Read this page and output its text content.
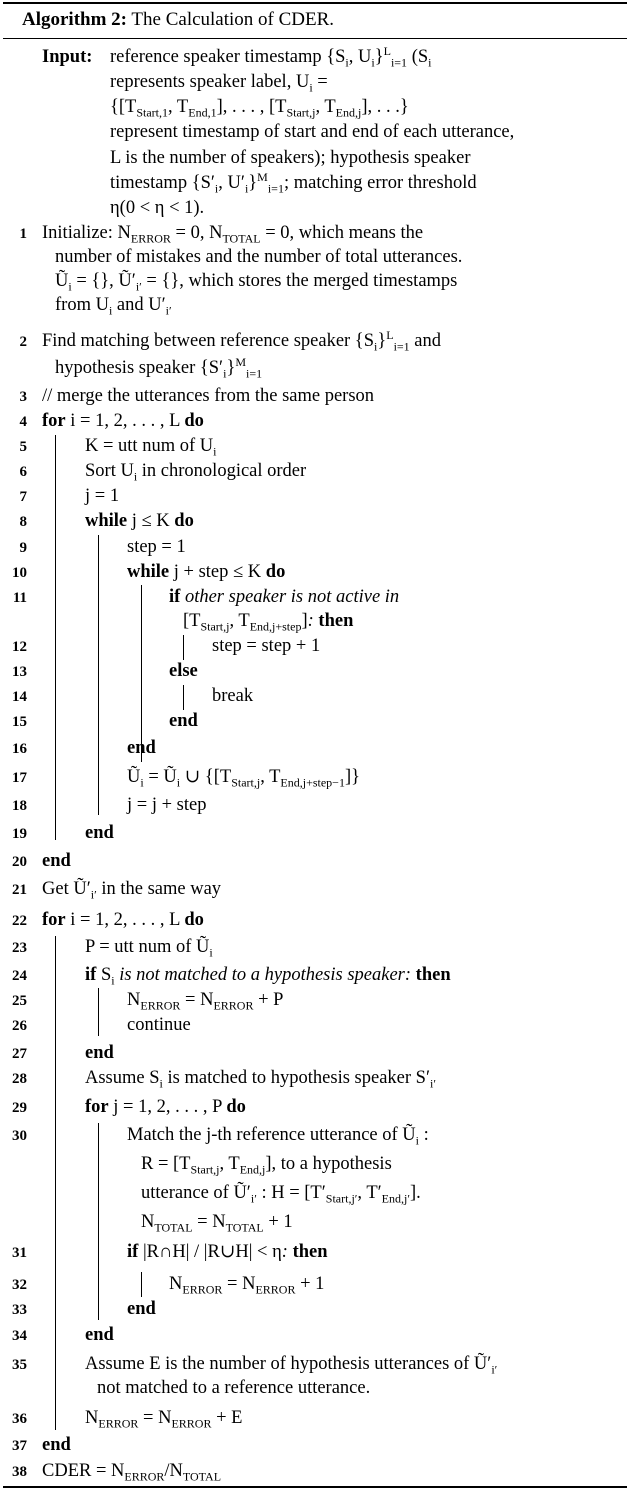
Algorithm 2: The Calculation of CDER.
Input: reference speaker timestamp {$S_i$, $U_i\}^L_{i=1}$ ($S_i$
represents speaker label, $U_i$ =
{[$T_{Start,1}$, $T_{End,1}$], . . . , [$T_{Start,j}$, $T_{End,j}$], . . .}
represent timestamp of start and end of each utterance,
L is the number of speakers); hypothesis speaker
timestamp {$S'_i$, $U'_i\}^M_{i=1}$; matching error threshold
η(0 < η < 1).
1 Initialize: $N_{ERROR} = 0$, $N_{TOTAL} = 0$, which means the
number of mistakes and the number of total utterances.
$Ũ_i$ = {}, $Ũ'_{i'}$ = {}, which stores the merged timestamps
from $U_i$ and $U'_{i'}$
2 Find matching between reference speaker $\{S_i\}^L_{i=1}$ and
hypothesis speaker $\{S'_i\}^M_{i=1}$
3 // merge the utterances from the same person
4 for i = 1, 2, . . . , L do
5	K = utt num of $U_i$
6	Sort $U_i$ in chronological order
7	j = 1
8	while j ≤ K do
9	step = 1
10	while j + step ≤ K do
11	if other speaker is not active in
[$T_{Start,j}$, $T_{End,j+step}$]: then
12	step = step + 1
13	else
14	break
15	end
16	end
17	$Ũ_i$ = $Ũ_i$ ∪ {[$T_{Start,j}$, $T_{End,j+step-1}$]}
18	j = j + step
19	end
20 end
21 Get $Ũ'_{i'}$ in the same way
22 for i = 1, 2, . . . , L do
23	P = utt num of $Ũ_i$
24	if $S_i$ is not matched to a hypothesis speaker: then
25	$N_{ERROR} = N_{ERROR} + P$
26	continue
27	end
28	Assume $S_i$ is matched to hypothesis speaker $S'_{i'}$
29	for j = 1, 2, . . . , P do
30	Match the j-th reference utterance of $Ũ_i$ :
$R = [T_{Start,j}$, $T_{End,j}$], to a hypothesis
utterance of $Ũ'_{i'}$ : $H = [T'_{Start,j'}$, $T'_{End,j'}$].
$N_{TOTAL} = N_{TOTAL} + 1$
31	if |R∩H| / |R∪H| < η: then
32	$N_{ERROR} = N_{ERROR} + 1$
33	end
34	end
35	Assume E is the number of hypothesis utterances of $Ũ'_{i'}$
not matched to a reference utterance.
36	$N_{ERROR} = N_{ERROR} + E$
37 end
38 CDER = $N_{ERROR}/N_{TOTAL}$
